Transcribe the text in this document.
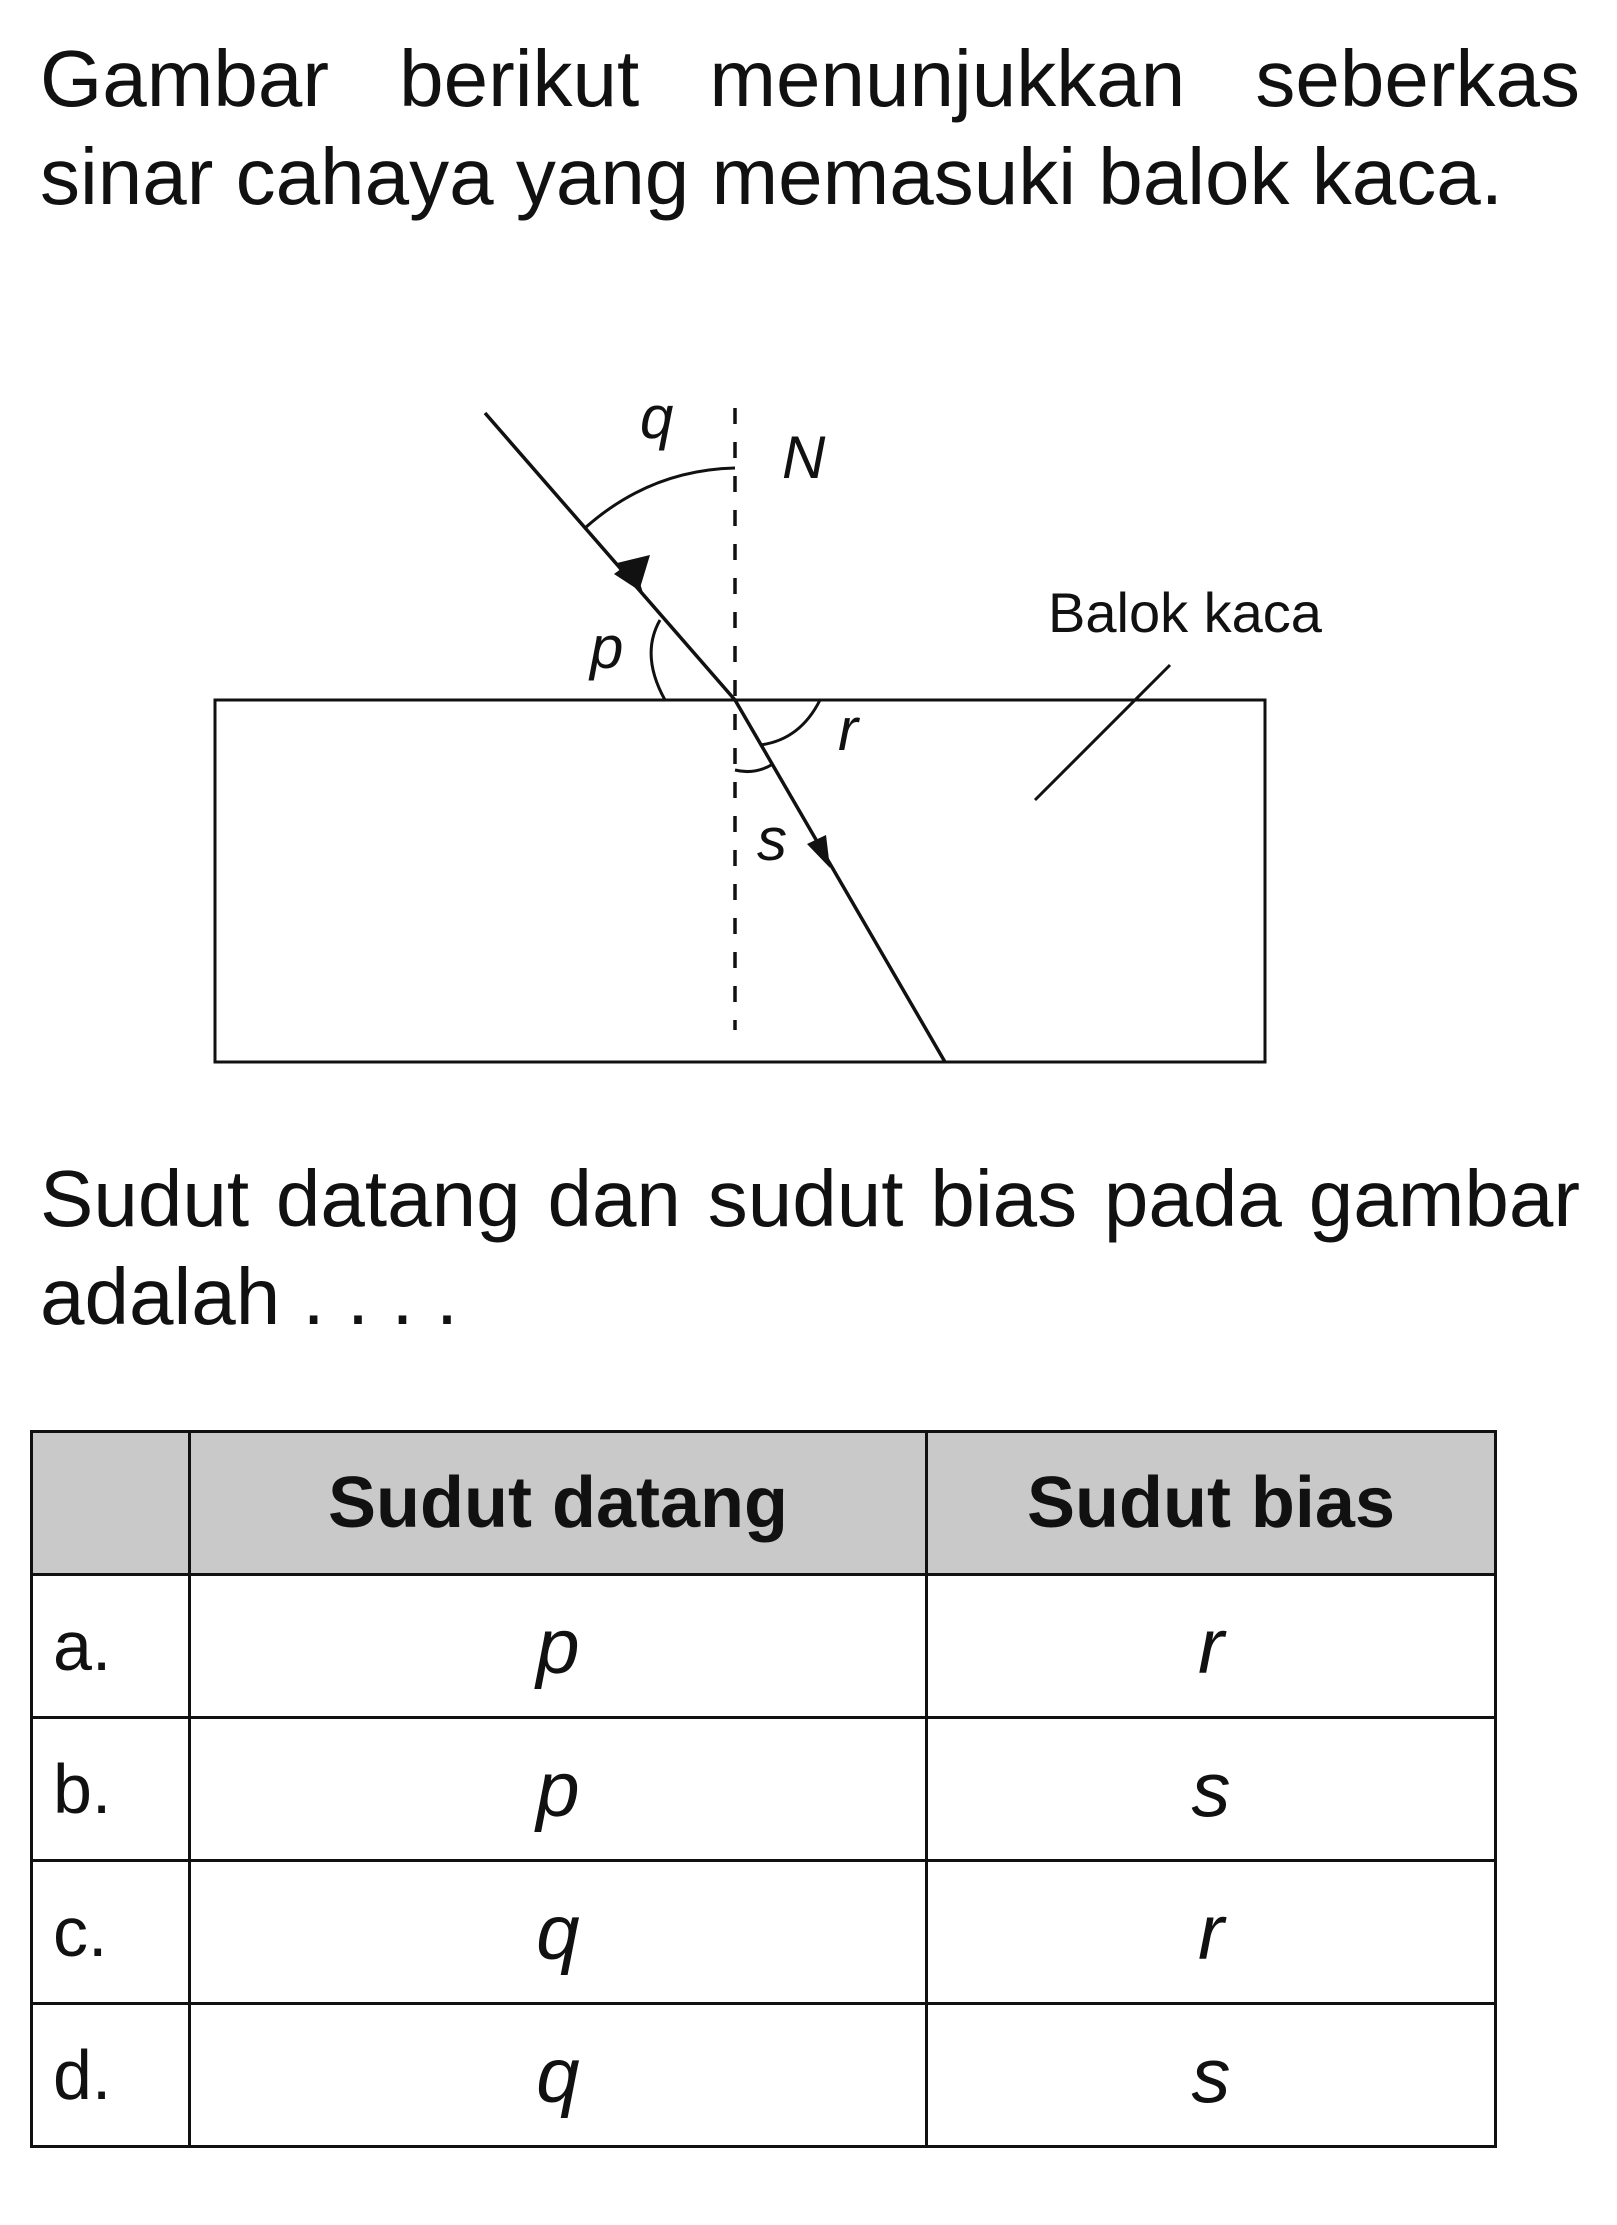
Gambar berikut menunjukkan seberkas sinar cahaya yang memasuki balok kaca.

q
N
p
r
s
Balok kaca

Sudut datang dan sudut bias pada gambar adalah . . . .

	Sudut datang	Sudut bias
a.	p	r
b.	p	s
c.	q	r
d.	q	s
